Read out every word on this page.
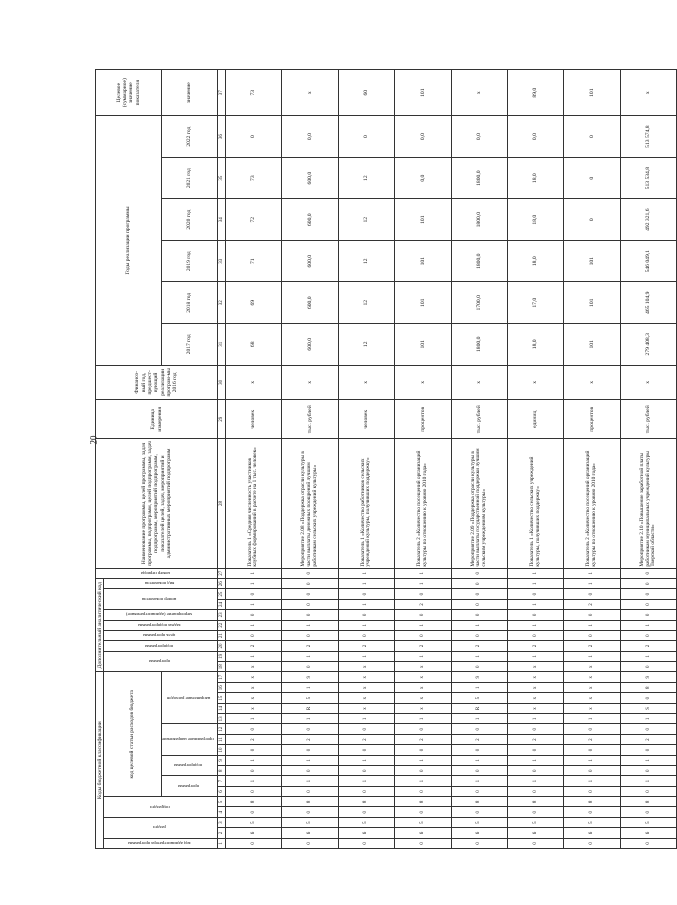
20
Коды бюджетной классификации																	Дополнительный аналитический код									номер периода	Наименование программы, целей программы, задач программы, подпрограмм, целей подпрограмм, задач подпрограмм, мероприятий подпрограмм, показателей целей, задач, мероприятий и административных мероприятий подпрограмм	Единица измерения	Финансо-вый год, предшест-вующий реализации програм-мы 2016 год	Годы реализации программы						Целевое (суммарное) значение показателя
код администратора программы	раздел		подраздел		код целевой статьи расходов бюджета												программа		подпрограмма	цель программы	задача подпрограммы	мероприятие (административное)	номер показателя		вид показателя											
					программа		подпрограмма		программное направление			направление расходов																		2017 год	2018 год	2019 год	2020 год	2021 год	2022 год	значение
1	2	3	4	5	6	7	8	9	10	11	12	13	14	15	16	17	18	19	20	21	22	23	24	25	26	27	28	29	30	31	32	33	34	35	36	37
0	6	5	0	8	0	1	0	1	0	2	0	1	х	х	х	х	х	1	2	0	1	0	1	0	1	1	Показатель 1 «Средняя численность участников клубных формирований в расчете на 1 тыс. человек»	человек	х	68	69	71	72	73	0	73
0	6	5	0	8	0	1	0	1	0	2	0	1	R	5	1	9	0	1	2	0	1	0	0	0	0	0	Мероприятие 2.08 «Поддержка отрасли культуры в части выплаты денежных поощрений лучшим работникам сельских учреждений культуры»	тыс. рублей	х	600,0	600,0	600,0	600,0	600,0	0,0	х
0	6	5	0	8	0	1	0	1	0	2	0	1	х	х	х	х	х	1	2	0	1	0	1	0	1	1	Показатель 1 «Количество работников сельских учреждений культуры, получивших поддержку»	человек	х	12	12	12	12	12	0	60
0	6	5	0	8	0	1	0	1	0	2	0	1	х	х	х	х	х	1	2	0	1	0	2	0	1	1	Показатель 2 «Количество посещений организаций культуры по отношению к уровню 2010 года»	процентов	х	101	101	101	101	0,0	0,0	101
0	6	5	0	8	0	1	0	1	0	2	0	1	R	5	1	9	0	1	2	0	1	0	0	0	0	0	Мероприятие 2.09 «Поддержка отрасли культуры в части выплаты государственной поддержки лучшим сельским учреждениям культуры»	тыс. рублей	х	1800,0	1700,0	1800,0	1800,0	1800,0	0,0	х
0	6	5	0	8	0	1	0	1	0	2	0	1	х	х	х	х	х	1	2	0	1	0	1	0	1	1	Показатель 1 «Количество сельских учреждений культуры, получивших поддержку»	единиц	х	18,0	17,0	18,0	18,0	18,0	0,0	89,0
0	6	5	0	8	0	1	0	1	0	2	0	1	х	х	х	х	х	1	2	0	1	0	2	0	1	1	Показатель 2 «Количество посещений организаций культуры по отношению к уровню 2010 года»	процентов	х	101	101	101	0	0	0	101
0	6	5	0	8	0	1	0	1	0	2	0	1	S	0	8	9	0	1	2	0	1	0	0	0	0	0	Мероприятие 2.10 «Повышение заработной платы работникам муниципальных учреждений культуры Тверской области»	тыс. рублей	х	279 408,3	465 104,9	546 049,1	492 321,6	513 534,8	513 574,8	х
